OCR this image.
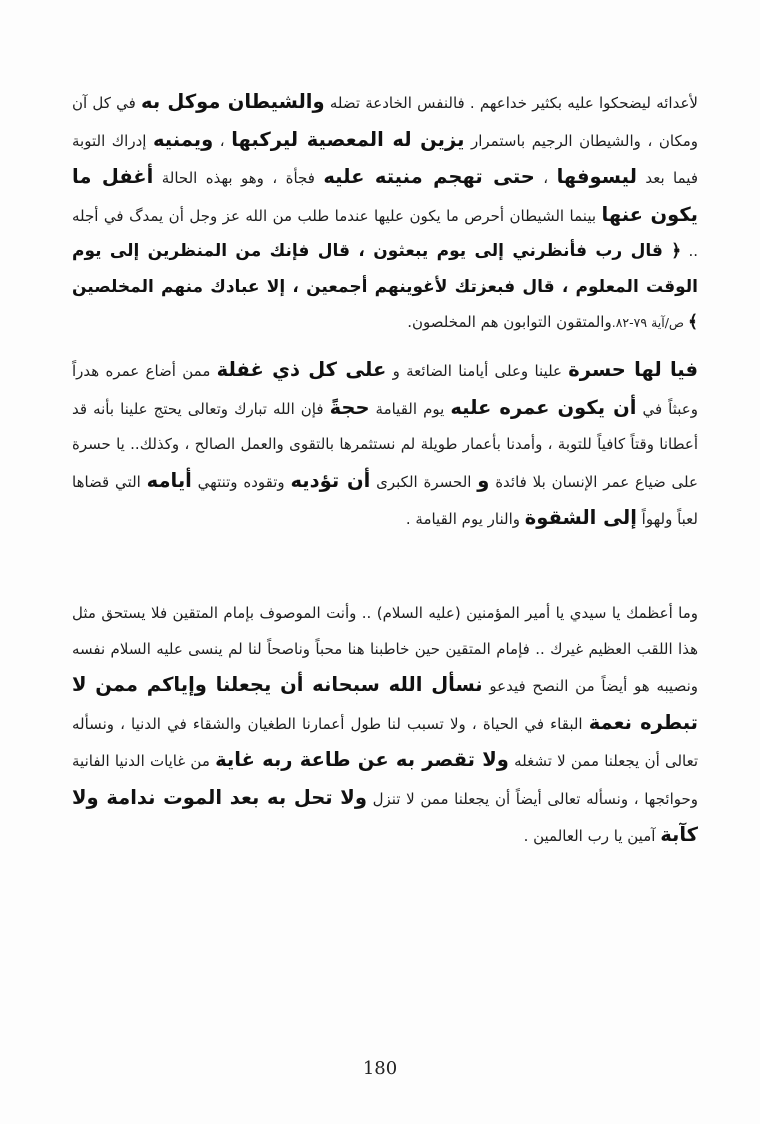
لأعدائه ليضحكوا عليه بكثير خداعهم . فالنفس الخادعة تضله والشيطان موكل به في كل آن ومكان ، والشيطان الرجيم باستمرار يزين له المعصية ليركبها ، ويمنيه إدراك التوبة فيما بعد ليسوفها ، حتى تهجم منيته عليه فجأة ، وهو بهذه الحالة أغفل ما يكون عنها بينما الشيطان أحرص ما يكون عليها عندما طلب من الله عز وجل أن يمدگ في أجله .. ﴿ قال رب فأنظرني إلى يوم يبعثون ، قال فإنك من المنظرين إلى يوم الوقت المعلوم ، قال فبعزتك لأغوينهم أجمعين ، إلا عبادك منهم المخلصين ﴾ ص/آية ٧٩-٨٢.والمتقون التوابون هم المخلصون.

فيا لها حسرة علينا وعلى أيامنا الضائعة و على كل ذي غفلة ممن أضاع عمره هدراً وعبثاً في أن يكون عمره عليه يوم القيامة حجةً فإن الله تبارك وتعالى يحتج علينا بأنه قد أعطانا وقتاً كافياً للتوبة ، وأمدنا بأعمار طويلة لم نستثمرها بالتقوى والعمل الصالح ، وكذلك.. يا حسرة على ضياع عمر الإنسان بلا فائدة و الحسرة الكبرى أن تؤديه وتقوده وتنتهي أيامه التي قضاها لعباً ولهواً إلى الشقوة والنار يوم القيامة .

وما أعظمك يا سيدي يا أمير المؤمنين (عليه السلام) .. وأنت الموصوف بإمام المتقين فلا يستحق مثل هذا اللقب العظيم غيرك .. فإمام المتقين حين خاطبنا هنا محباً وناصحاً لنا لم ينسى عليه السلام نفسه ونصيبه هو أيضاً من النصح فيدعو نسأل الله سبحانه أن يجعلنا وإياكم ممن لا تبطره نعمة البقاء في الحياة ، ولا تسبب لنا طول أعمارنا الطغيان والشقاء في الدنيا ، ونسأله تعالى أن يجعلنا ممن لا تشغله ولا تقصر به عن طاعة ربه غاية من غايات الدنيا الفانية وحوائجها ، ونسأله تعالى أيضاً أن يجعلنا ممن لا تنزل ولا تحل به بعد الموت ندامة ولا كآبة آمين يا رب العالمين .

180
